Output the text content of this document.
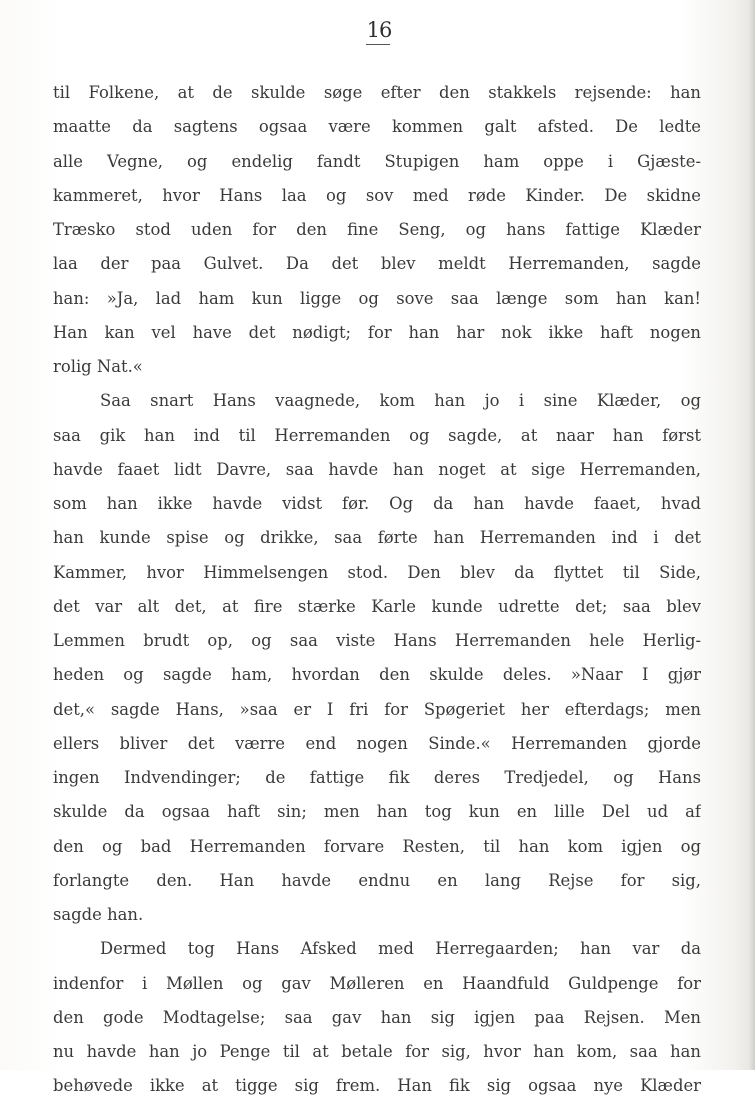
16
til Folkene, at de skulde søge efter den stakkels rejsende: han
maatte da sagtens ogsaa være kommen galt afsted. De ledte
alle Vegne, og endelig fandt Stupigen ham oppe i Gjæste-
kammeret, hvor Hans laa og sov med røde Kinder. De skidne
Træsko stod uden for den fine Seng, og hans fattige Klæder
laa der paa Gulvet. Da det blev meldt Herremanden, sagde
han: »Ja, lad ham kun ligge og sove saa længe som han kan!
Han kan vel have det nødigt; for han har nok ikke haft nogen
rolig Nat.«
Saa snart Hans vaagnede, kom han jo i sine Klæder, og
saa gik han ind til Herremanden og sagde, at naar han først
havde faaet lidt Davre, saa havde han noget at sige Herremanden,
som han ikke havde vidst før. Og da han havde faaet, hvad
han kunde spise og drikke, saa førte han Herremanden ind i det
Kammer, hvor Himmelsengen stod. Den blev da flyttet til Side,
det var alt det, at fire stærke Karle kunde udrette det; saa blev
Lemmen brudt op, og saa viste Hans Herremanden hele Herlig-
heden og sagde ham, hvordan den skulde deles. »Naar I gjør
det,« sagde Hans, »saa er I fri for Spøgeriet her efterdags; men
ellers bliver det værre end nogen Sinde.« Herremanden gjorde
ingen Indvendinger; de fattige fik deres Tredjedel, og Hans
skulde da ogsaa haft sin; men han tog kun en lille Del ud af
den og bad Herremanden forvare Resten, til han kom igjen og
forlangte den. Han havde endnu en lang Rejse for sig,
sagde han.
Dermed tog Hans Afsked med Herregaarden; han var da
indenfor i Møllen og gav Mølleren en Haandfuld Guldpenge for
den gode Modtagelse; saa gav han sig igjen paa Rejsen. Men
nu havde han jo Penge til at betale for sig, hvor han kom, saa han
behøvede ikke at tigge sig frem. Han fik sig ogsaa nye Klæder
